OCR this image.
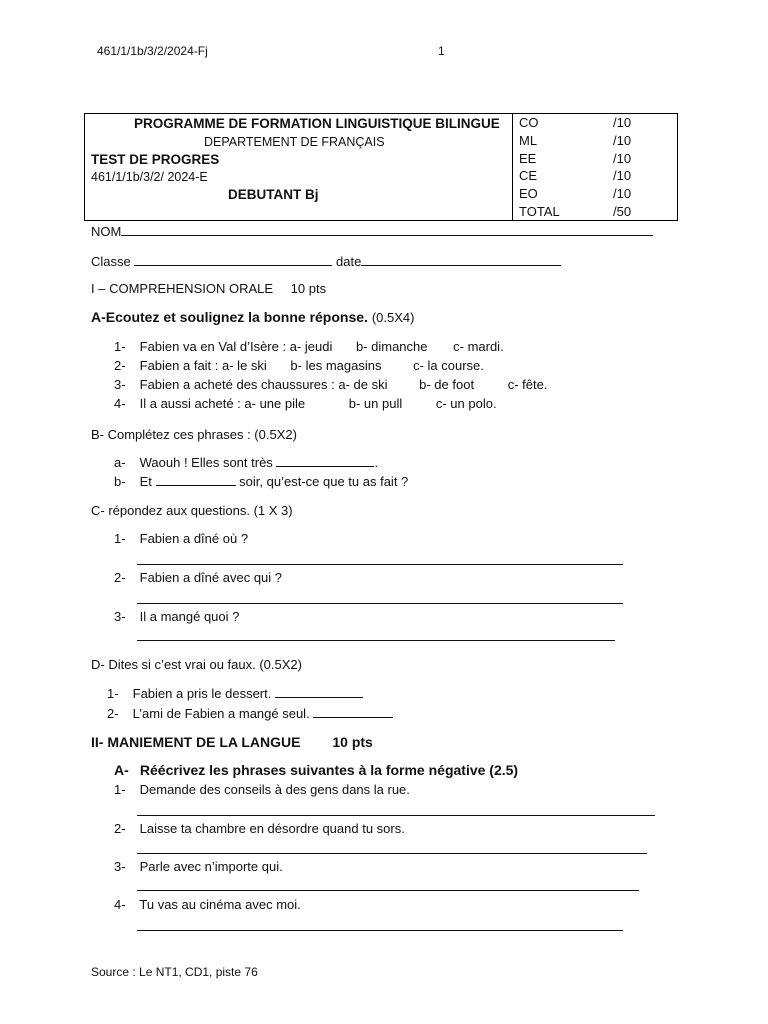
461/1/1b/3/2/2024-Fj	1
PROGRAMME DE FORMATION LINGUISTIQUE BILINGUE
DEPARTEMENT DE FRANÇAIS
TEST DE PROGRES
461/1/1b/3/2/ 2024-E
DEBUTANT Bj
CO	/10
ML	/10
EE	/10
CE	/10
EO	/10
TOTAL	/50
NOM
Classe	date
I – COMPREHENSION ORALE 10 pts
A-Ecoutez et soulignez la bonne réponse. (0.5X4)
1- Fabien va en Val d’Isère : a- jeudi b- dimanche c- mardi.
2- Fabien a fait : a- le ski b- les magasins c- la course.
3- Fabien a acheté des chaussures : a- de ski b- de foot	c- fête.
4- Il a aussi acheté : a- une pile	b- un pull	c- un polo.
B- Complétez ces phrases : (0.5X2)
a- Waouh ! Elles sont très	.
b- Et	soir, qu’est-ce que tu as fait ?
C- répondez aux questions. (1 X 3)
1- Fabien a dîné où ?
2- Fabien a dîné avec qui ?
3- Il a mangé quoi ?
D- Dites si c’est vrai ou faux. (0.5X2)
1- Fabien a pris le dessert.
2- L’ami de Fabien a mangé seul.
II- MANIEMENT DE LA LANGUE 10 pts
A- Réécrivez les phrases suivantes à la forme négative (2.5)
1- Demande des conseils à des gens dans la rue.
2- Laisse ta chambre en désordre quand tu sors.
3- Parle avec n’importe qui.
4- Tu vas au cinéma avec moi.
Source : Le NT1, CD1, piste 76
